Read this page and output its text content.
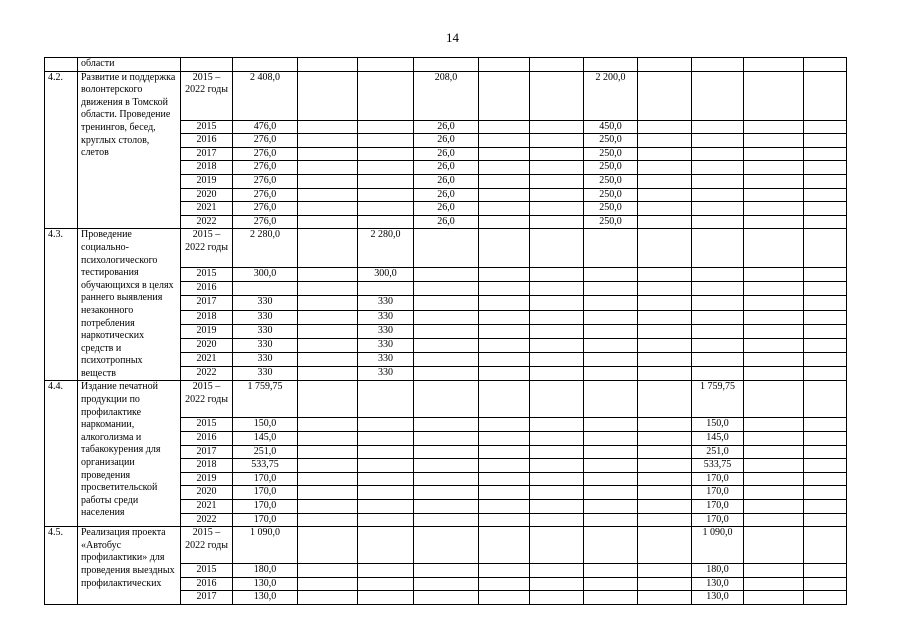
14
	области												
4.2.	Развитие и поддержка волонтерского движения в Томской области. Проведение тренингов, бесед, круглых столов, слетов	2015 – 2022 годы	2 408,0			208,0			2 200,0				
		2015	476,0			26,0			450,0				
		2016	276,0			26,0			250,0				
		2017	276,0			26,0			250,0				
		2018	276,0			26,0			250,0				
		2019	276,0			26,0			250,0				
		2020	276,0			26,0			250,0				
		2021	276,0			26,0			250,0				
		2022	276,0			26,0			250,0				
4.3.	Проведение социально-психологического тестирования обучающихся в целях раннего выявления незаконного потребления наркотических средств и психотропных веществ	2015 – 2022 годы	2 280,0		2 280,0								
		2015	300,0		300,0								
		2016											
		2017	330		330								
		2018	330		330								
		2019	330		330								
		2020	330		330								
		2021	330		330								
		2022	330		330								
4.4.	Издание печатной продукции по профилактике наркомании, алкоголизма и табакокурения для организации проведения просветительской работы среди населения	2015 – 2022 годы	1 759,75								1 759,75		
		2015	150,0								150,0		
		2016	145,0								145,0		
		2017	251,0								251,0		
		2018	533,75								533,75		
		2019	170,0								170,0		
		2020	170,0								170,0		
		2021	170,0								170,0		
		2022	170,0								170,0		
4.5.	Реализация проекта «Автобус профилактики» для проведения выездных профилактических	2015 – 2022 годы	1 090,0								1 090,0		
		2015	180,0								180,0		
		2016	130,0								130,0		
		2017	130,0								130,0		
